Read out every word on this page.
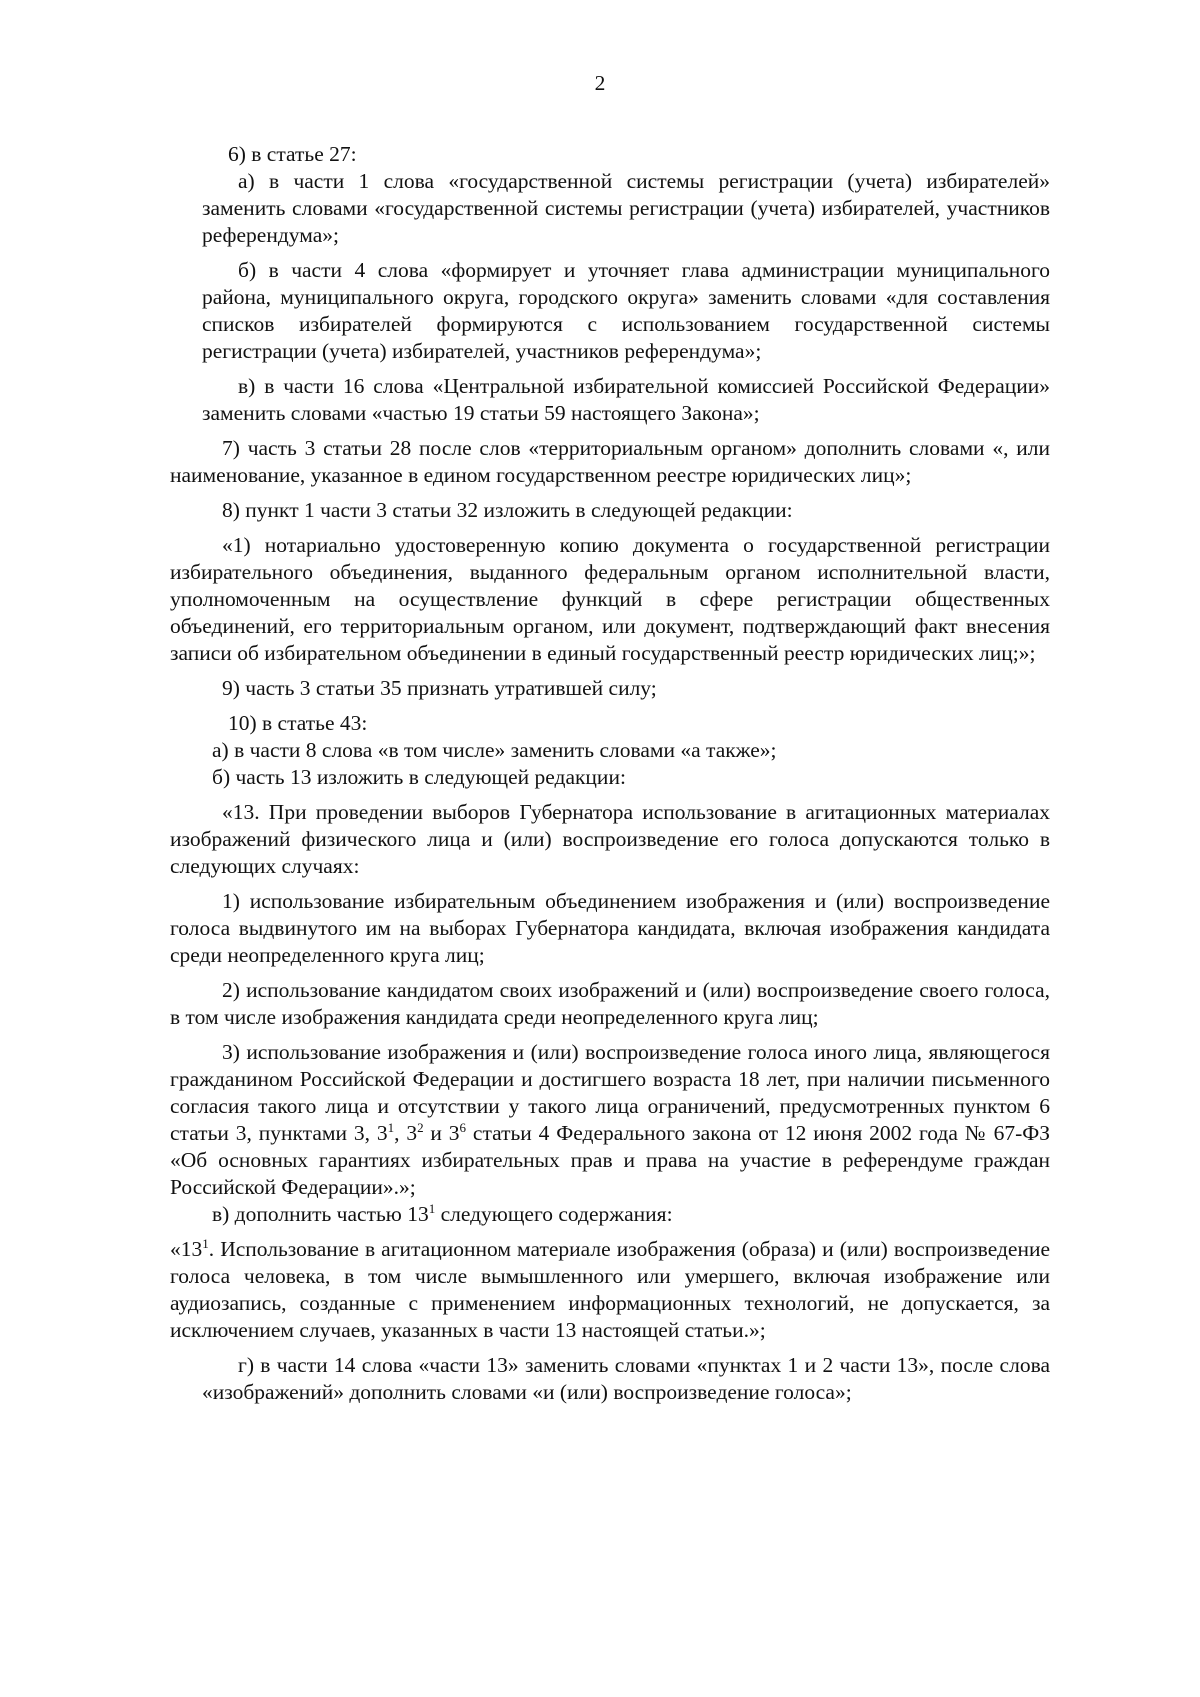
2

6) в статье 27:

а) в части 1 слова «государственной системы регистрации (учета) избирателей» заменить словами «государственной системы регистрации (учета) избирателей, участников референдума»;

б) в части 4 слова «формирует и уточняет глава администрации муниципального района, муниципального округа, городского округа» заменить словами «для составления списков избирателей формируются с использованием государственной системы регистрации (учета) избирателей, участников референдума»;

в) в части 16 слова «Центральной избирательной комиссией Российской Федерации» заменить словами «частью 19 статьи 59 настоящего Закона»;

7) часть 3 статьи 28 после слов «территориальным органом» дополнить словами «, или наименование, указанное в едином государственном реестре юридических лиц»;

8) пункт 1 части 3 статьи 32 изложить в следующей редакции:

«1) нотариально удостоверенную копию документа о государственной регистрации избирательного объединения, выданного федеральным органом исполнительной власти, уполномоченным на осуществление функций в сфере регистрации общественных объединений, его территориальным органом, или документ, подтверждающий факт внесения записи об избирательном объединении в единый государственный реестр юридических лиц;»;

9) часть 3 статьи 35 признать утратившей силу;

10) в статье 43:

а) в части 8 слова «в том числе» заменить словами «а также»;

б) часть 13 изложить в следующей редакции:

«13. При проведении выборов Губернатора использование в агитационных материалах изображений физического лица и (или) воспроизведение его голоса допускаются только в следующих случаях:

1) использование избирательным объединением изображения и (или) воспроизведение голоса выдвинутого им на выборах Губернатора кандидата, включая изображения кандидата среди неопределенного круга лиц;

2) использование кандидатом своих изображений и (или) воспроизведение своего голоса, в том числе изображения кандидата среди неопределенного круга лиц;

3) использование изображения и (или) воспроизведение голоса иного лица, являющегося гражданином Российской Федерации и достигшего возраста 18 лет, при наличии письменного согласия такого лица и отсутствии у такого лица ограничений, предусмотренных пунктом 6 статьи 3, пунктами 3, $3^1$, $3^2$ и $3^6$ статьи 4 Федерального закона от 12 июня 2002 года № 67-ФЗ «Об основных гарантиях избирательных прав и права на участие в референдуме граждан Российской Федерации».»;

в) дополнить частью $13^1$ следующего содержания:

«$13^1$. Использование в агитационном материале изображения (образа) и (или) воспроизведение голоса человека, в том числе вымышленного или умершего, включая изображение или аудиозапись, созданные с применением информационных технологий, не допускается, за исключением случаев, указанных в части 13 настоящей статьи.»;

г) в части 14 слова «части 13» заменить словами «пунктах 1 и 2 части 13», после слова «изображений» дополнить словами «и (или) воспроизведение голоса»;
